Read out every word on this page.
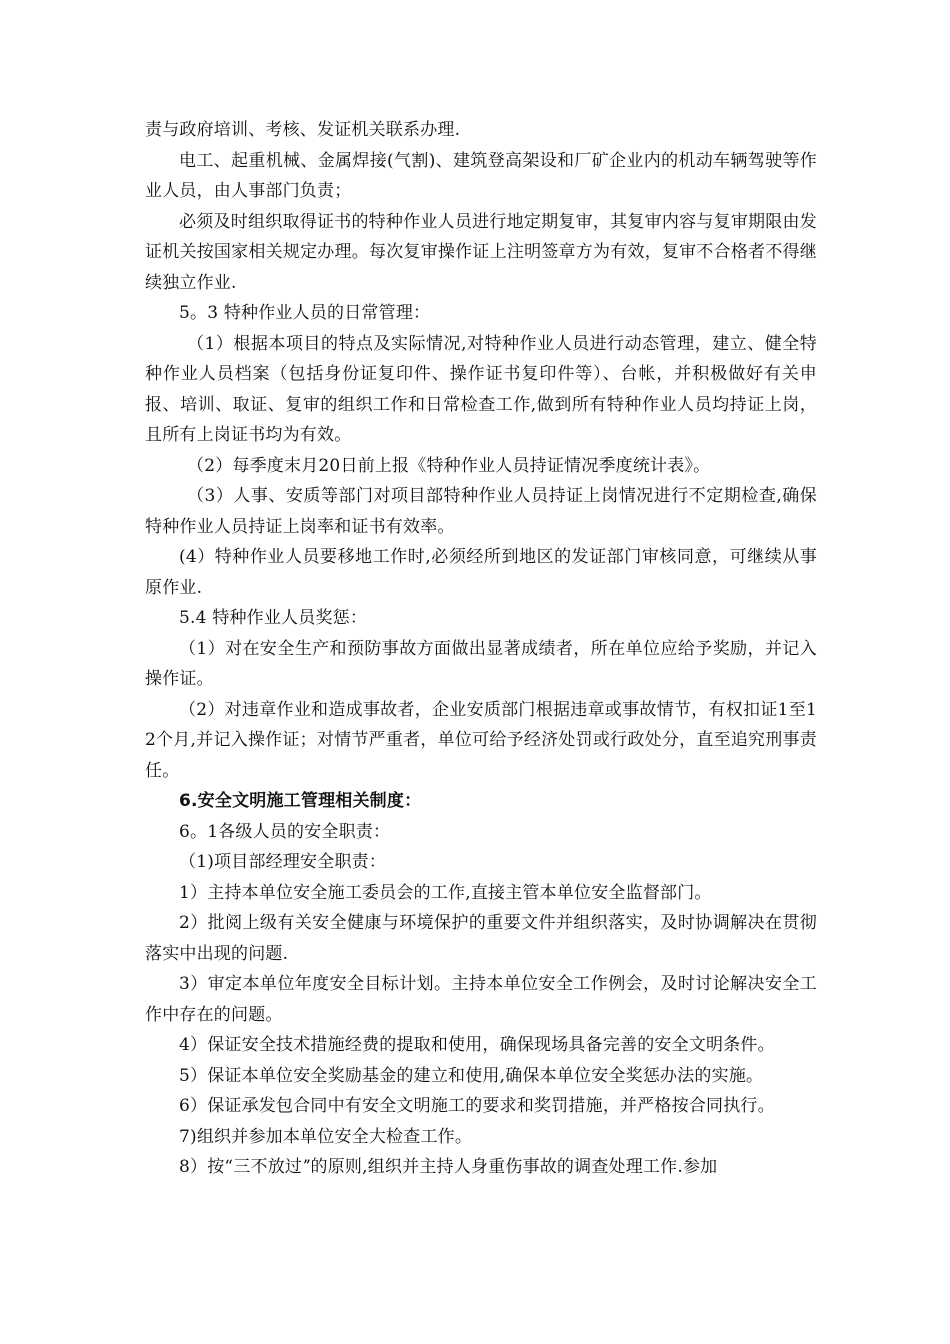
责与政府培训、考核、发证机关联系办理.

电工、起重机械、金属焊接(气割)、建筑登高架设和厂矿企业内的机动车辆驾驶等作业人员，由人事部门负责；

必须及时组织取得证书的特种作业人员进行地定期复审，其复审内容与复审期限由发证机关按国家相关规定办理。每次复审操作证上注明签章方为有效，复审不合格者不得继续独立作业.

5。3 特种作业人员的日常管理：

（1）根据本项目的特点及实际情况,对特种作业人员进行动态管理，建立、健全特种作业人员档案（包括身份证复印件、操作证书复印件等）、台帐，并积极做好有关申报、培训、取证、复审的组织工作和日常检查工作,做到所有特种作业人员均持证上岗，且所有上岗证书均为有效。

（2）每季度末月20日前上报《特种作业人员持证情况季度统计表》。

（3）人事、安质等部门对项目部特种作业人员持证上岗情况进行不定期检查,确保特种作业人员持证上岗率和证书有效率。

(4）特种作业人员要移地工作时,必须经所到地区的发证部门审核同意，可继续从事原作业.

5.4 特种作业人员奖惩：

（1）对在安全生产和预防事故方面做出显著成绩者，所在单位应给予奖励，并记入操作证。

（2）对违章作业和造成事故者，企业安质部门根据违章或事故情节，有权扣证1至12个月,并记入操作证；对情节严重者，单位可给予经济处罚或行政处分，直至追究刑事责任。

6.安全文明施工管理相关制度：

6。1各级人员的安全职责：

（1)项目部经理安全职责：

1）主持本单位安全施工委员会的工作,直接主管本单位安全监督部门。

2）批阅上级有关安全健康与环境保护的重要文件并组织落实，及时协调解决在贯彻落实中出现的问题.

3）审定本单位年度安全目标计划。主持本单位安全工作例会，及时讨论解决安全工作中存在的问题。

4）保证安全技术措施经费的提取和使用，确保现场具备完善的安全文明条件。

5）保证本单位安全奖励基金的建立和使用,确保本单位安全奖惩办法的实施。

6）保证承发包合同中有安全文明施工的要求和奖罚措施，并严格按合同执行。

7)组织并参加本单位安全大检查工作。

8）按“三不放过ˮ的原则,组织并主持人身重伤事故的调查处理工作.参加
